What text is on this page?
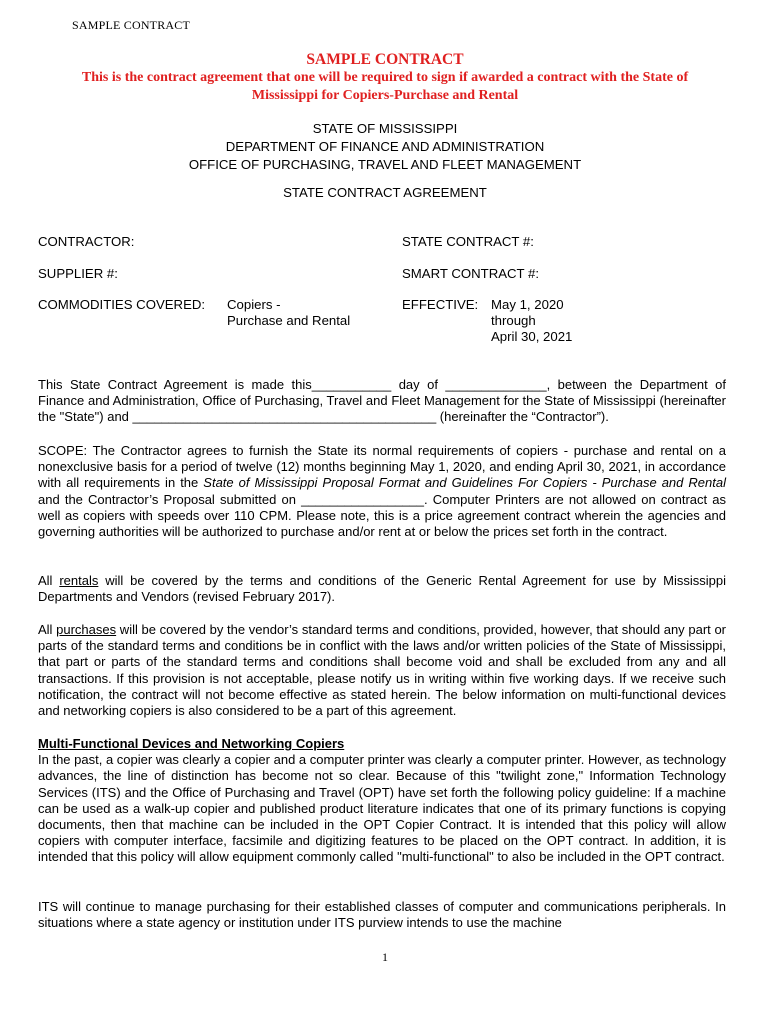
SAMPLE CONTRACT
SAMPLE CONTRACT
This is the contract agreement that one will be required to sign if awarded a contract with the State of
Mississippi for Copiers-Purchase and Rental
STATE OF MISSISSIPPI
DEPARTMENT OF FINANCE AND ADMINISTRATION
OFFICE OF PURCHASING, TRAVEL AND FLEET MANAGEMENT
STATE CONTRACT AGREEMENT
CONTRACTOR:	STATE CONTRACT #:
SUPPLIER #:	SMART CONTRACT #:
COMMODITIES COVERED: Copiers -
Purchase and Rental
EFFECTIVE: May 1, 2020
through
April 30, 2021
This State Contract Agreement is made this___________ day of ______________, between the Department of Finance and Administration, Office of Purchasing, Travel and Fleet Management for the State of Mississippi (hereinafter the "State") and __________________________________________ (hereinafter the “Contractor”).
SCOPE: The Contractor agrees to furnish the State its normal requirements of copiers - purchase and rental on a nonexclusive basis for a period of twelve (12) months beginning May 1, 2020, and ending April 30, 2021, in accordance with all requirements in the State of Mississippi Proposal Format and Guidelines For Copiers - Purchase and Rental and the Contractor’s Proposal submitted on _________________. Computer Printers are not allowed on contract as well as copiers with speeds over 110 CPM. Please note, this is a price agreement contract wherein the agencies and governing authorities will be authorized to purchase and/or rent at or below the prices set forth in the contract.
All rentals will be covered by the terms and conditions of the Generic Rental Agreement for use by Mississippi Departments and Vendors (revised February 2017).
All purchases will be covered by the vendor’s standard terms and conditions, provided, however, that should any part or parts of the standard terms and conditions be in conflict with the laws and/or written policies of the State of Mississippi, that part or parts of the standard terms and conditions shall become void and shall be excluded from any and all transactions. If this provision is not acceptable, please notify us in writing within five working days. If we receive such notification, the contract will not become effective as stated herein. The below information on multi-functional devices and networking copiers is also considered to be a part of this agreement.
Multi-Functional Devices and Networking Copiers
In the past, a copier was clearly a copier and a computer printer was clearly a computer printer. However, as technology advances, the line of distinction has become not so clear. Because of this "twilight zone," Information Technology Services (ITS) and the Office of Purchasing and Travel (OPT) have set forth the following policy guideline: If a machine can be used as a walk-up copier and published product literature indicates that one of its primary functions is copying documents, then that machine can be included in the OPT Copier Contract. It is intended that this policy will allow copiers with computer interface, facsimile and digitizing features to be placed on the OPT contract. In addition, it is intended that this policy will allow equipment commonly called "multi-functional" to also be included in the OPT contract.
ITS will continue to manage purchasing for their established classes of computer and communications peripherals. In situations where a state agency or institution under ITS purview intends to use the machine
1
